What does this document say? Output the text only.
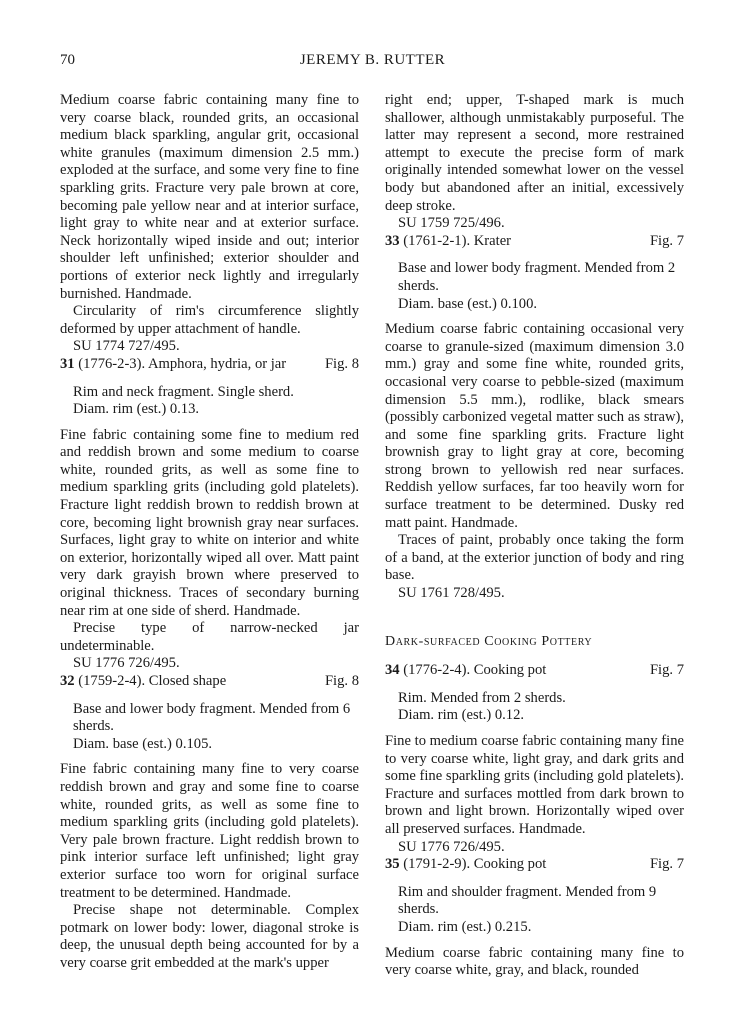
70	JEREMY B. RUTTER

Medium coarse fabric containing many fine to very coarse black, rounded grits, an occasional medium black sparkling, angular grit, occasional white granules (maximum dimension 2.5 mm.) exploded at the surface, and some very fine to fine sparkling grits. Fracture very pale brown at core, becoming pale yellow near and at interior surface, light gray to white near and at exterior surface. Neck horizontally wiped inside and out; interior shoulder left unfinished; exterior shoulder and portions of exterior neck lightly and irregularly burnished. Handmade.

Circularity of rim's circumference slightly deformed by upper attachment of handle.

SU 1774 727/495.

31 (1776-2-3). Amphora, hydria, or jar	Fig. 8

Rim and neck fragment. Single sherd.

Diam. rim (est.) 0.13.

Fine fabric containing some fine to medium red and reddish brown and some medium to coarse white, rounded grits, as well as some fine to medium sparkling grits (including gold platelets). Fracture light reddish brown to reddish brown at core, becoming light brownish gray near surfaces. Surfaces, light gray to white on interior and white on exterior, horizontally wiped all over. Matt paint very dark grayish brown where preserved to original thickness. Traces of secondary burning near rim at one side of sherd. Handmade.

Precise type of narrow-necked jar undeterminable.

SU 1776 726/495.

32 (1759-2-4). Closed shape	Fig. 8

Base and lower body fragment. Mended from 6 sherds.

Diam. base (est.) 0.105.

Fine fabric containing many fine to very coarse reddish brown and gray and some fine to coarse white, rounded grits, as well as some fine to medium sparkling grits (including gold platelets). Very pale brown fracture. Light reddish brown to pink interior surface left unfinished; light gray exterior surface too worn for original surface treatment to be determined. Handmade.

Precise shape not determinable. Complex potmark on lower body: lower, diagonal stroke is deep, the unusual depth being accounted for by a very coarse grit embedded at the mark's upper

right end; upper, T-shaped mark is much shallower, although unmistakably purposeful. The latter may represent a second, more restrained attempt to execute the precise form of mark originally intended somewhat lower on the vessel body but abandoned after an initial, excessively deep stroke.

SU 1759 725/496.

33 (1761-2-1). Krater	Fig. 7

Base and lower body fragment. Mended from 2 sherds.

Diam. base (est.) 0.100.

Medium coarse fabric containing occasional very coarse to granule-sized (maximum dimension 3.0 mm.) gray and some fine white, rounded grits, occasional very coarse to pebble-sized (maximum dimension 5.5 mm.), rodlike, black smears (possibly carbonized vegetal matter such as straw), and some fine sparkling grits. Fracture light brownish gray to light gray at core, becoming strong brown to yellowish red near surfaces. Reddish yellow surfaces, far too heavily worn for surface treatment to be determined. Dusky red matt paint. Handmade.

Traces of paint, probably once taking the form of a band, at the exterior junction of body and ring base.

SU 1761 728/495.

Dark-surfaced Cooking Pottery

34 (1776-2-4). Cooking pot	Fig. 7

Rim. Mended from 2 sherds.

Diam. rim (est.) 0.12.

Fine to medium coarse fabric containing many fine to very coarse white, light gray, and dark grits and some fine sparkling grits (including gold platelets). Fracture and surfaces mottled from dark brown to brown and light brown. Horizontally wiped over all preserved surfaces. Handmade.

SU 1776 726/495.

35 (1791-2-9). Cooking pot	Fig. 7

Rim and shoulder fragment. Mended from 9 sherds.

Diam. rim (est.) 0.215.

Medium coarse fabric containing many fine to very coarse white, gray, and black, rounded
